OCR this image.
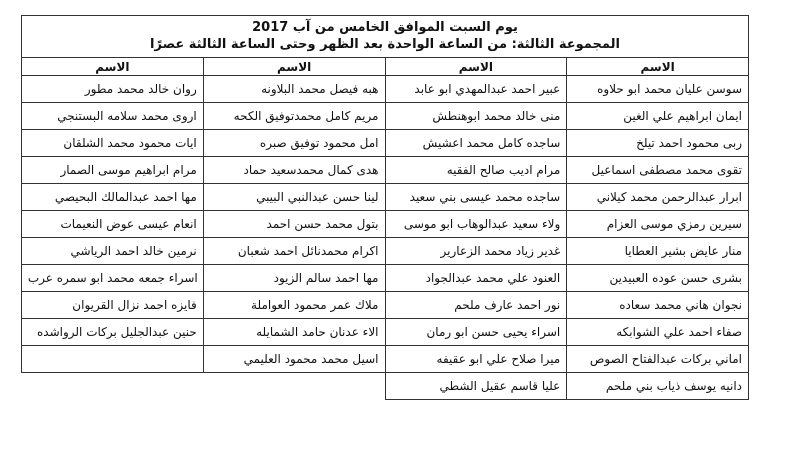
يوم السبت الموافق الخامس من آب 2017
المجموعة الثالثة: من الساعة الواحدة بعد الظهر وحتى الساعة الثالثة عصرًا
الاسم	الاسم	الاسم	الاسم
سوسن عليان محمد ابو حلاوه	عبير احمد عبدالمهدي ابو عابد	هبه فيصل محمد البلاونه	روان خالد محمد مطور
ايمان ابراهيم علي الغين	منى خالد محمد ابوهنطش	مريم كامل محمدتوفيق الكحه	اروى محمد سلامه البستنجي
ربى محمود احمد تيلخ	ساجده كامل محمد اعشيش	امل محمود توفيق صبره	ايات محمود محمد الشلقان
تقوى محمد مصطفى اسماعيل	مرام اديب صالح الفقيه	هدى كمال محمدسعيد حماد	مرام ابراهيم موسى الصمار
ابرار عبدالرحمن محمد كيلاني	ساجده محمد عيسى بني سعيد	لينا حسن عبدالنبي البيبي	مها احمد عبدالمالك البحيصي
سيرين رمزي موسى العزام	ولاء سعيد عبدالوهاب ابو موسى	بتول محمد حسن احمد	انعام عيسى عوض النعيمات
منار عايض بشير العطايا	غدير زياد محمد الزعارير	اكرام محمدنائل احمد شعبان	نرمين خالد احمد الرياشي
بشرى حسن عوده العبيدين	العنود علي محمد عبدالجواد	مها احمد سالم الزيود	اسراء جمعه محمد ابو سمره عرب
نجوان هاني محمد سعاده	نور احمد عارف ملحم	ملاك عمر محمود العواملة	فايزه احمد نزال القريوان
صفاء احمد علي الشوابكه	اسراء يحيى حسن ابو رمان	الاء عدنان حامد الشمايله	حنين عبدالجليل بركات الرواشده
اماني بركات عبدالفتاح الصوص	ميرا صلاح علي ابو عقيفه	اسيل محمد محمود العليمي	
دانيه يوسف ذياب بني ملحم	عليا قاسم عقيل الشطي		
